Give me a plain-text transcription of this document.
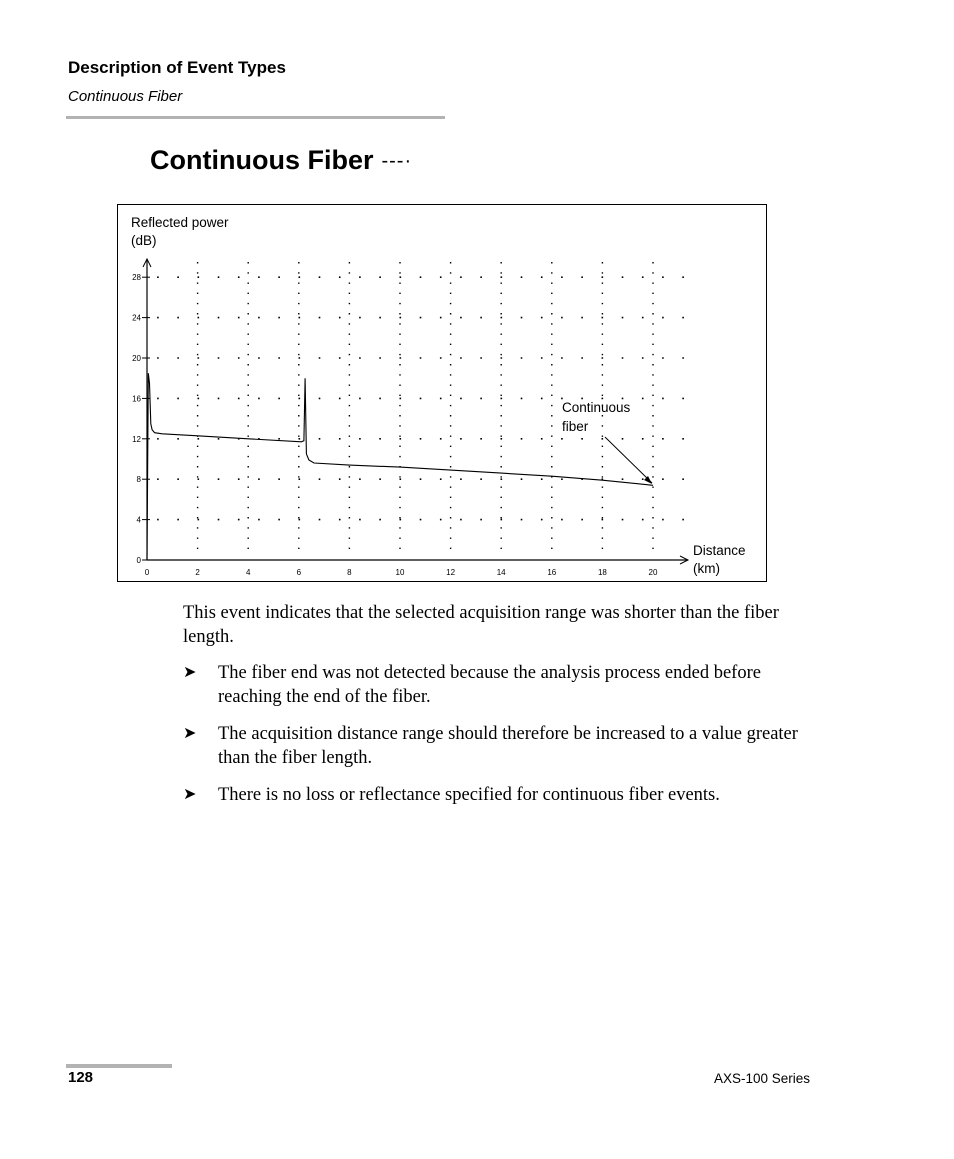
Description of Event Types
Continuous Fiber
Continuous Fiber ---·
0
4
8
12
16
20
24
28
0	2	4	6	8	10	12	14	16	18	20
Reflected power
(dB)
Distance
(km)
Continuous
fiber
This event indicates that the selected acquisition range was shorter than the fiber length.
➤ The fiber end was not detected because the analysis process ended before reaching the end of the fiber.
➤ The acquisition distance range should therefore be increased to a value greater than the fiber length.
➤ There is no loss or reflectance specified for continuous fiber events.
128	AXS-100 Series
